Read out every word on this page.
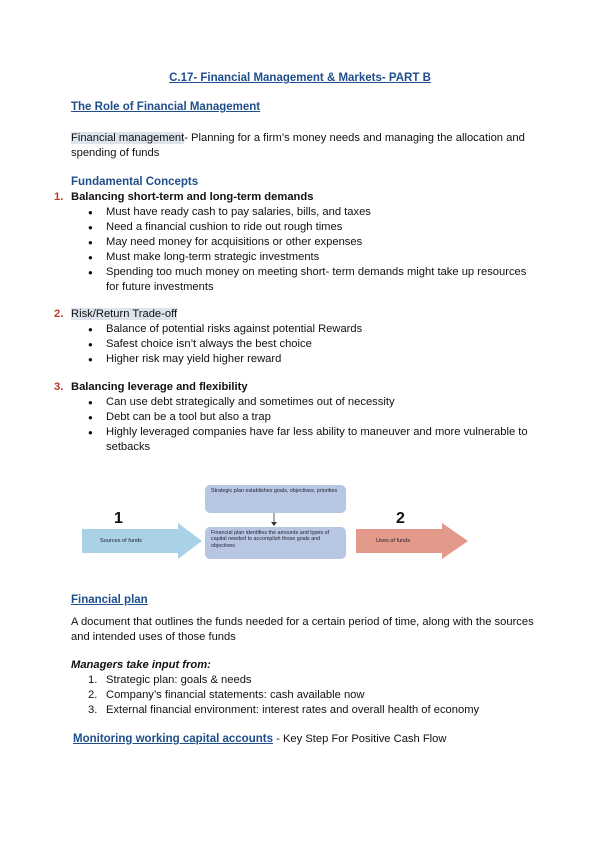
C.17- Financial Management & Markets- PART B
The Role of Financial Management
Financial management- Planning for a firm’s money needs and managing the allocation and spending of funds
Fundamental Concepts
1. Balancing short-term and long-term demands
● Must have ready cash to pay salaries, bills, and taxes
● Need a financial cushion to ride out rough times
● May need money for acquisitions or other expenses
● Must make long-term strategic investments
● Spending too much money on meeting short- term demands might take up resources for future investments
2. Risk/Return Trade-off
● Balance of potential risks against potential Rewards
● Safest choice isn’t always the best choice
● Higher risk may yield higher reward
3. Balancing leverage and flexibility
● Can use debt strategically and sometimes out of necessity
● Debt can be a tool but also a trap
● Highly leveraged companies have far less ability to maneuver and more vulnerable to setbacks
Strategic plan establishes goals, objectives, priorities
Financial plan identifies the amounts and types of capital needed to accomplish those goals and objectives
Sources of funds	Uses of funds
1	2
Financial plan
A document that outlines the funds needed for a certain period of time, along with the sources and intended uses of those funds
Managers take input from:
1. Strategic plan: goals & needs
2. Company’s financial statements: cash available now
3. External financial environment: interest rates and overall health of economy
Monitoring working capital accounts - Key Step For Positive Cash Flow
